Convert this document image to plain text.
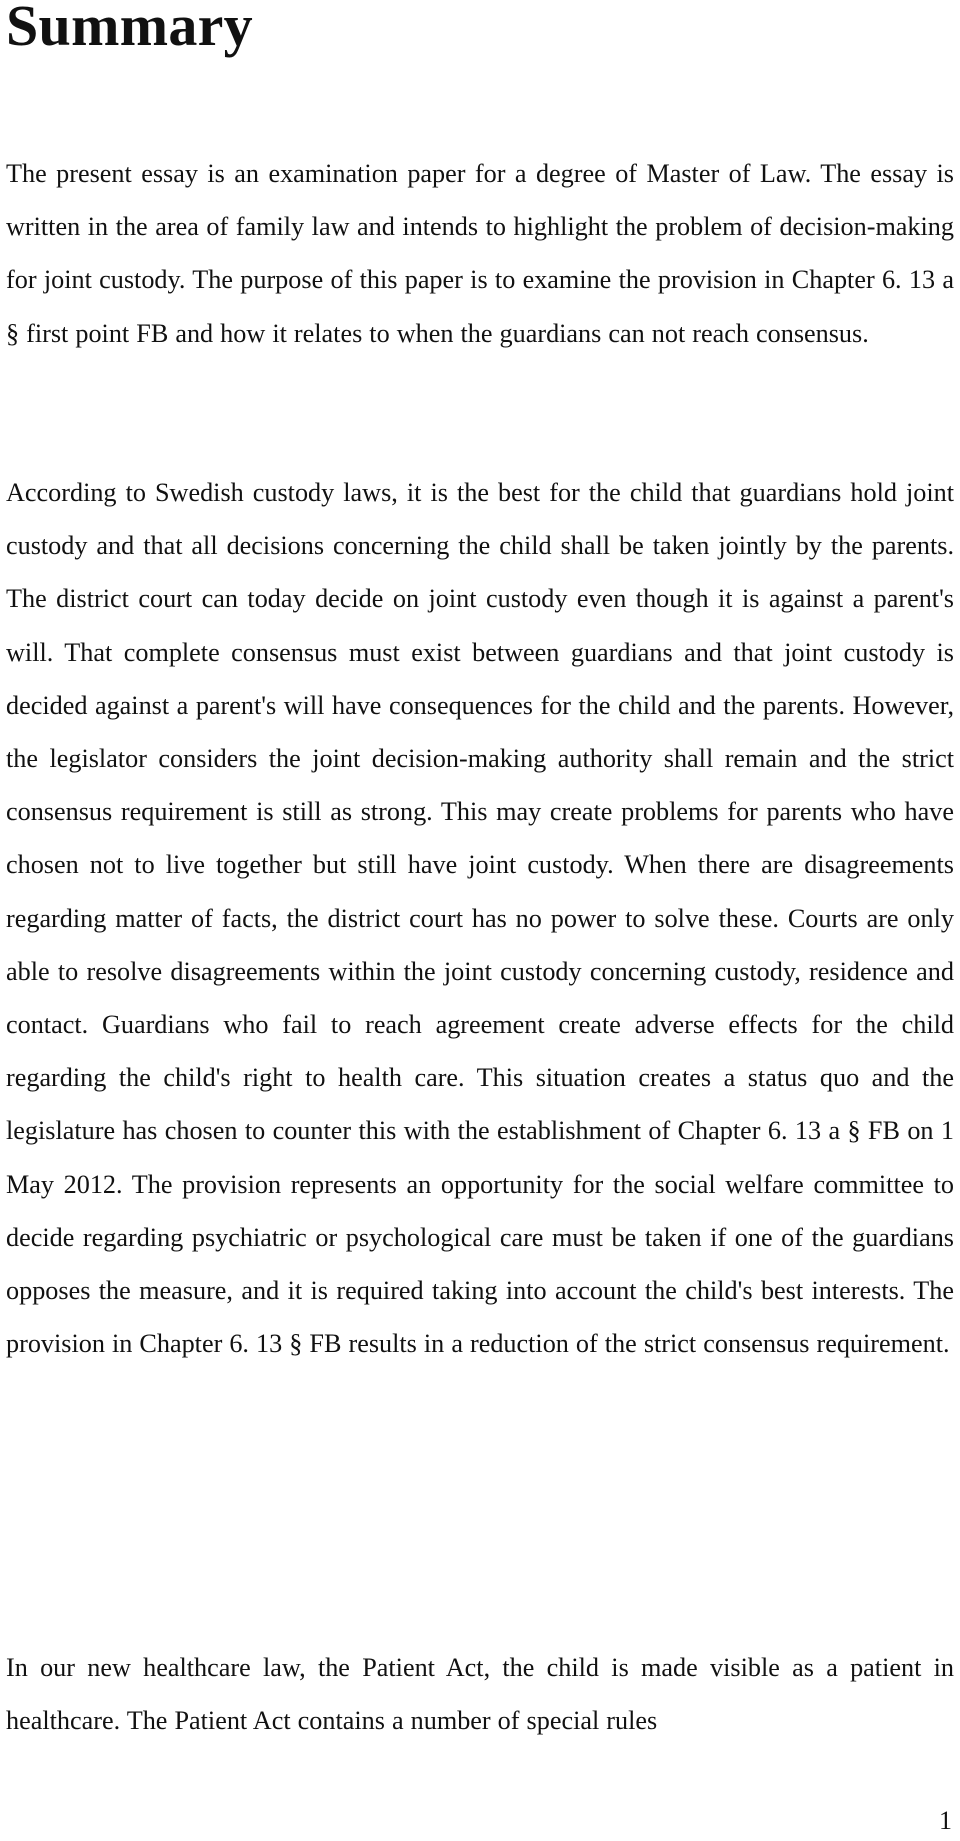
Summary

The present essay is an examination paper for a degree of Master of Law. The essay is written in the area of family law and intends to highlight the problem of decision-making for joint custody. The purpose of this paper is to examine the provision in Chapter 6. 13 a § first point FB and how it relates to when the guardians can not reach consensus.

According to Swedish custody laws, it is the best for the child that guardians hold joint custody and that all decisions concerning the child shall be taken jointly by the parents. The district court can today decide on joint custody even though it is against a parent's will. That complete consensus must exist between guardians and that joint custody is decided against a parent's will have consequences for the child and the parents. However, the legislator considers the joint decision-making authority shall remain and the strict consensus requirement is still as strong. This may create problems for parents who have chosen not to live together but still have joint custody. When there are disagreements regarding matter of facts, the district court has no power to solve these. Courts are only able to resolve disagreements within the joint custody concerning custody, residence and contact. Guardians who fail to reach agreement create adverse effects for the child regarding the child's right to health care. This situation creates a status quo and the legislature has chosen to counter this with the establishment of Chapter 6. 13 a § FB on 1 May 2012. The provision represents an opportunity for the social welfare committee to decide regarding psychiatric or psychological care must be taken if one of the guardians opposes the measure, and it is required taking into account the child's best interests. The provision in Chapter 6. 13 § FB results in a reduction of the strict consensus requirement.

In our new healthcare law, the Patient Act, the child is made visible as a patient in healthcare. The Patient Act contains a number of special rules

1
